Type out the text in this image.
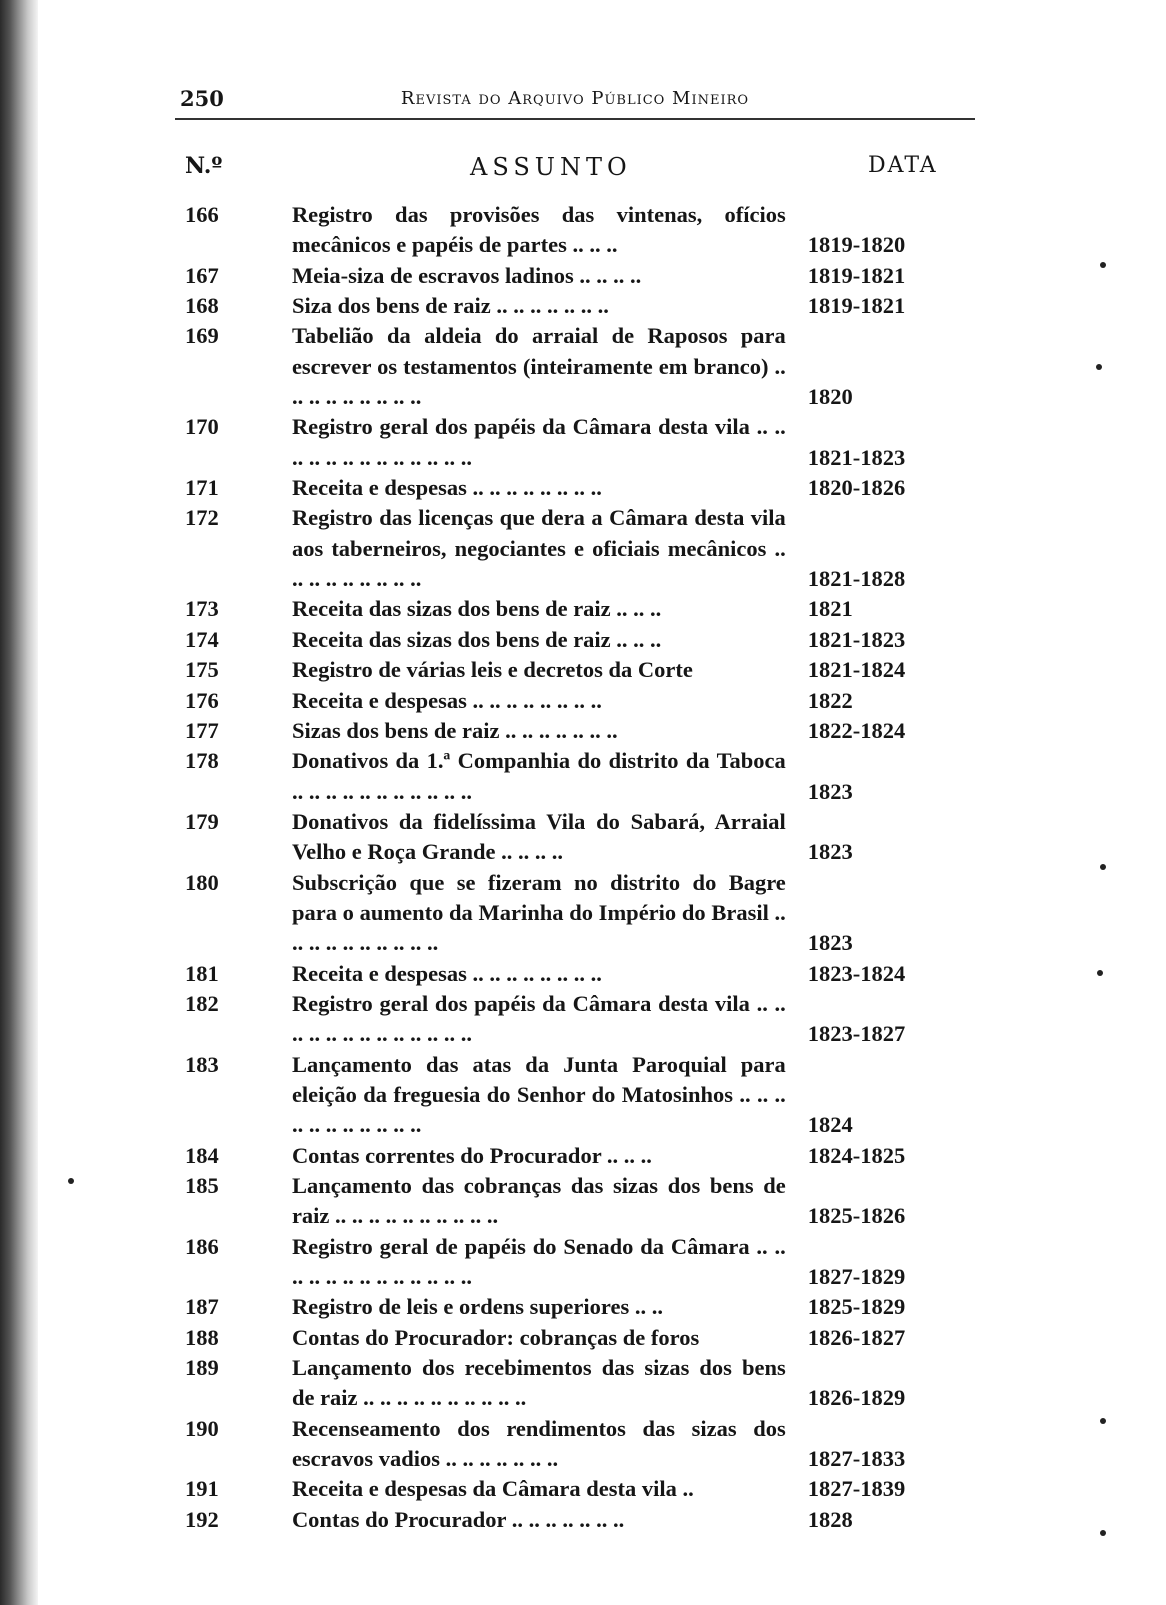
250	Revista do Arquivo Público Mineiro
N.º	ASSUNTO	DATA
166	Registro das provisões das vintenas, ofícios mecânicos e papéis de partes .. .. ..	1819-1820
167	Meia-siza de escravos ladinos .. .. .. ..	1819-1821
168	Siza dos bens de raiz .. .. .. .. .. .. ..	1819-1821
169	Tabelião da aldeia do arraial de Raposos para escrever os testamentos (inteiramente em branco) .. .. .. .. .. .. .. .. ..	1820
170	Registro geral dos papéis da Câmara desta vila .. .. .. .. .. .. .. .. .. .. .. .. ..	1821-1823
171	Receita e despesas .. .. .. .. .. .. .. ..	1820-1826
172	Registro das licenças que dera a Câmara desta vila aos taberneiros, negociantes e oficiais mecânicos .. .. .. .. .. .. .. .. ..	1821-1828
173	Receita das sizas dos bens de raiz .. .. ..	1821
174	Receita das sizas dos bens de raiz .. .. ..	1821-1823
175	Registro de várias leis e decretos da Corte	1821-1824
176	Receita e despesas .. .. .. .. .. .. .. ..	1822
177	Sizas dos bens de raiz .. .. .. .. .. .. ..	1822-1824
178	Donativos da 1.ª Companhia do distrito da Taboca .. .. .. .. .. .. .. .. .. .. ..	1823
179	Donativos da fidelíssima Vila do Sabará, Arraial Velho e Roça Grande .. .. .. ..	1823
180	Subscrição que se fizeram no distrito do Bagre para o aumento da Marinha do Império do Brasil .. .. .. .. .. .. .. .. .. ..	1823
181	Receita e despesas .. .. .. .. .. .. .. ..	1823-1824
182	Registro geral dos papéis da Câmara desta vila .. .. .. .. .. .. .. .. .. .. .. .. ..	1823-1827
183	Lançamento das atas da Junta Paroquial para eleição da freguesia do Senhor do Matosinhos .. .. .. .. .. .. .. .. .. .. ..	1824
184	Contas correntes do Procurador .. .. ..	1824-1825
185	Lançamento das cobranças das sizas dos bens de raiz .. .. .. .. .. .. .. .. .. ..	1825-1826
186	Registro geral de papéis do Senado da Câmara .. .. .. .. .. .. .. .. .. .. .. .. ..	1827-1829
187	Registro de leis e ordens superiores .. ..	1825-1829
188	Contas do Procurador: cobranças de foros	1826-1827
189	Lançamento dos recebimentos das sizas dos bens de raiz .. .. .. .. .. .. .. .. .. ..	1826-1829
190	Recenseamento dos rendimentos das sizas dos escravos vadios .. .. .. .. .. .. ..	1827-1833
191	Receita e despesas da Câmara desta vila ..	1827-1839
192	Contas do Procurador .. .. .. .. .. .. ..	1828
